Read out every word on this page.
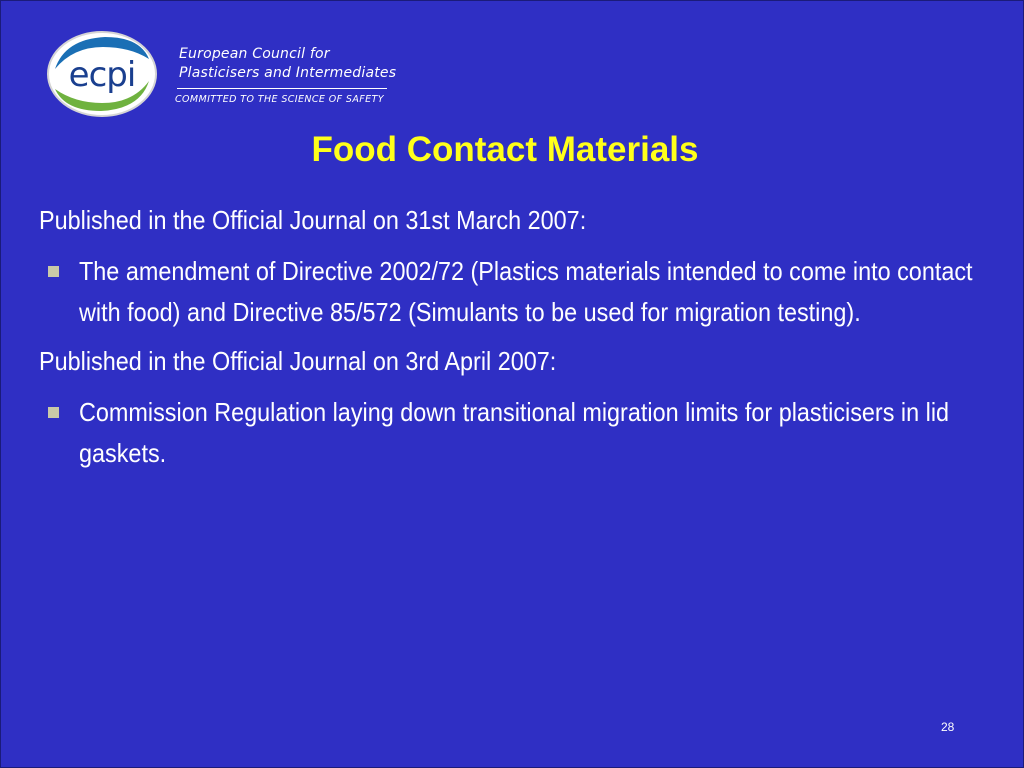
ecpi
European Council for
Plasticisers and Intermediates
COMMITTED TO THE SCIENCE OF SAFETY
Food Contact Materials

Published in the Official Journal on 31st March 2007:

The amendment of Directive 2002/72 (Plastics materials intended to come into contact with food) and Directive 85/572 (Simulants to be used for migration testing).

Published in the Official Journal on 3rd April 2007:

Commission Regulation laying down transitional migration limits for plasticisers in lid gaskets.
28
